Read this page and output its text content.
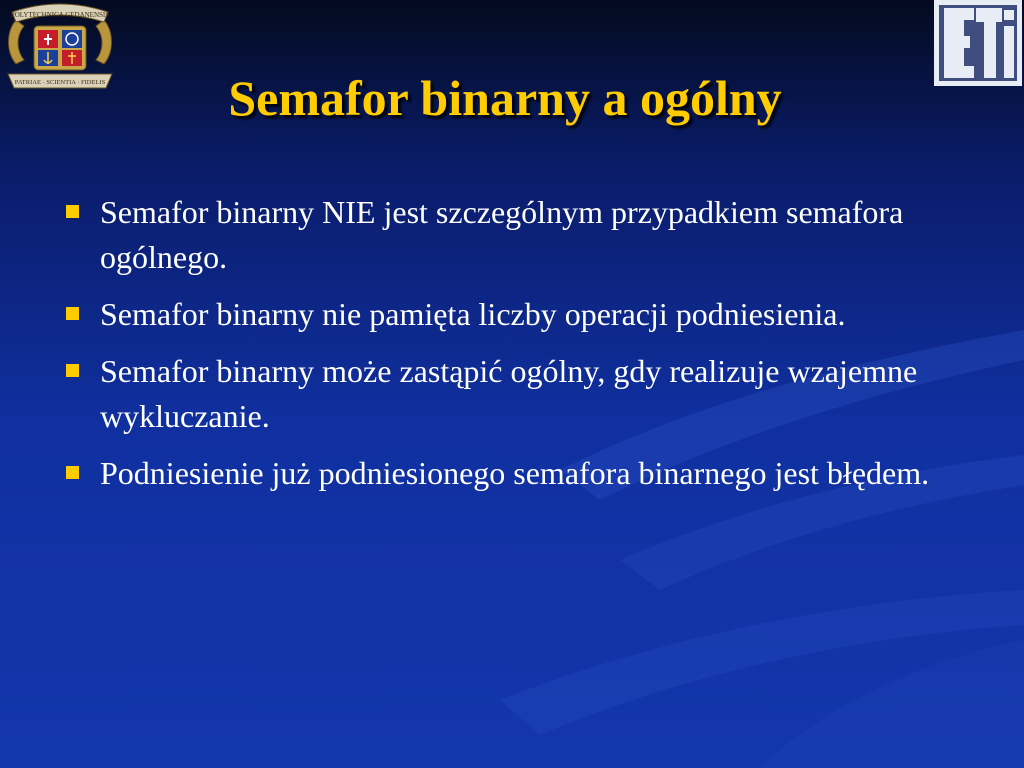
POLYTECHNICA GEDANENSIS
PATRIAE · SCIENTIA · FIDELIS	Semafor binarny a ogólny
Semafor binarny NIE jest szczególnym przypadkiem semafora ogólnego.
Semafor binarny nie pamięta liczby operacji podniesienia.
Semafor binarny może zastąpić ogólny, gdy realizuje wzajemne wykluczanie.
Podniesienie już podniesionego semafora binarnego jest błędem.
